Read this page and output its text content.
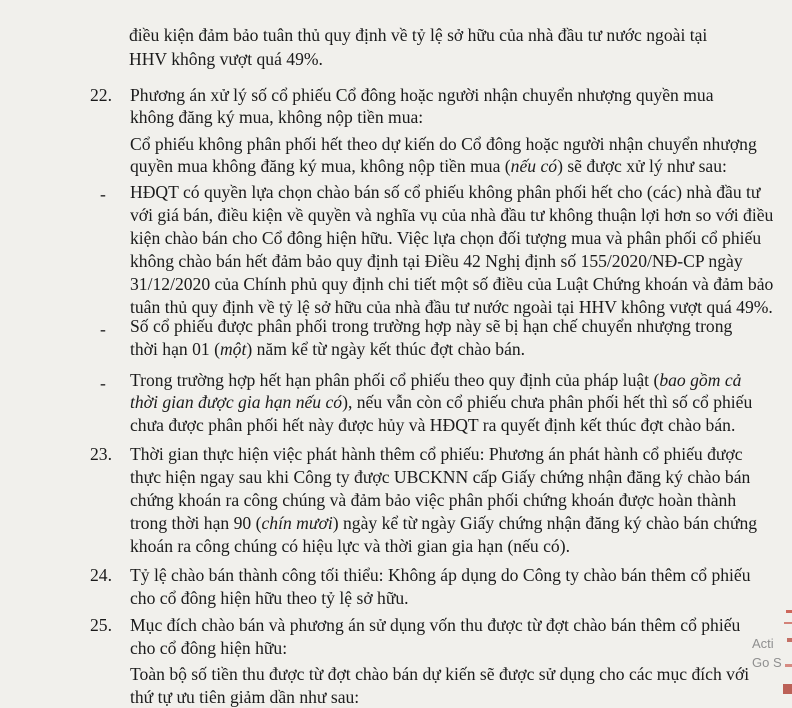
điều kiện đảm bảo tuân thủ quy định về tỷ lệ sở hữu của nhà đầu tư nước ngoài tại
HHV không vượt quá 49%.
22. Phương án xử lý số cổ phiếu Cổ đông hoặc người nhận chuyển nhượng quyền mua
không đăng ký mua, không nộp tiền mua:
Cổ phiếu không phân phối hết theo dự kiến do Cổ đông hoặc người nhận chuyển nhượng
quyền mua không đăng ký mua, không nộp tiền mua (nếu có) sẽ được xử lý như sau:
- HĐQT có quyền lựa chọn chào bán số cổ phiếu không phân phối hết cho (các) nhà đầu tư
với giá bán, điều kiện về quyền và nghĩa vụ của nhà đầu tư không thuận lợi hơn so với điều
kiện chào bán cho Cổ đông hiện hữu. Việc lựa chọn đối tượng mua và phân phối cổ phiếu
không chào bán hết đảm bảo quy định tại Điều 42 Nghị định số 155/2020/NĐ-CP ngày
31/12/2020 của Chính phủ quy định chi tiết một số điều của Luật Chứng khoán và đảm bảo
tuân thủ quy định về tỷ lệ sở hữu của nhà đầu tư nước ngoài tại HHV không vượt quá 49%.
- Số cổ phiếu được phân phối trong trường hợp này sẽ bị hạn chế chuyển nhượng trong
thời hạn 01 (một) năm kể từ ngày kết thúc đợt chào bán.
- Trong trường hợp hết hạn phân phối cổ phiếu theo quy định của pháp luật (bao gồm cả
thời gian được gia hạn nếu có), nếu vẫn còn cổ phiếu chưa phân phối hết thì số cổ phiếu
chưa được phân phối hết này được hủy và HĐQT ra quyết định kết thúc đợt chào bán.
23. Thời gian thực hiện việc phát hành thêm cổ phiếu: Phương án phát hành cổ phiếu được
thực hiện ngay sau khi Công ty được UBCKNN cấp Giấy chứng nhận đăng ký chào bán
chứng khoán ra công chúng và đảm bảo việc phân phối chứng khoán được hoàn thành
trong thời hạn 90 (chín mươi) ngày kể từ ngày Giấy chứng nhận đăng ký chào bán chứng
khoán ra công chúng có hiệu lực và thời gian gia hạn (nếu có).
24. Tỷ lệ chào bán thành công tối thiểu: Không áp dụng do Công ty chào bán thêm cổ phiếu
cho cổ đông hiện hữu theo tỷ lệ sở hữu.
25. Mục đích chào bán và phương án sử dụng vốn thu được từ đợt chào bán thêm cổ phiếu
cho cổ đông hiện hữu:
Toàn bộ số tiền thu được từ đợt chào bán dự kiến sẽ được sử dụng cho các mục đích với
thứ tự ưu tiên giảm dần như sau:
Acti
Go S
